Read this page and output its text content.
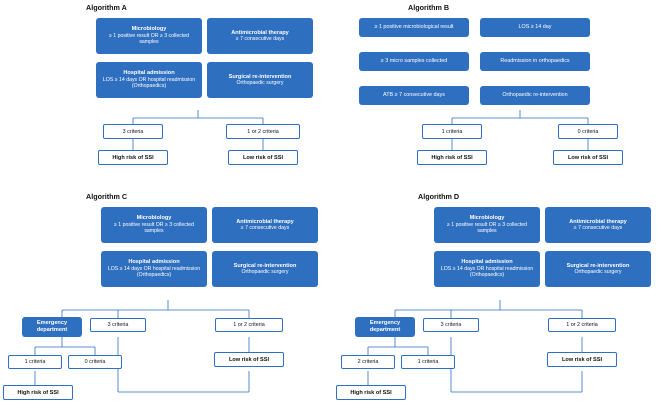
Algorithm A
Microbiology
≥ 1 positive result OR ≥ 3 collected samples
Antimicrobial therapy
≥ 7 consecutive days
Hospital admission
LOS ≥ 14 days OR hospital readmission (Orthopaedics)
Surgical re-intervention
Orthopaedic surgery
3 criteria	1 or 2 criteria
High risk of SSI	Low risk of SSI
Algorithm B
≥ 1 positive microbiological result	LOS ≥ 14 day
≥ 3 micro samples collected	Readmission in orthopaedics
ATB ≥ 7 consecutive days	Orthopaedic re-intervention
1 criteria	0 criteria
High risk of SSI	Low risk of SSI
Algorithm C
Microbiology
≥ 1 positive result OR ≥ 3 collected samples
Antimicrobial therapy
≥ 7 consecutive days
Hospital admission
LOS ≥ 14 days OR hospital readmission (Orthopaedics)
Surgical re-intervention
Orthopaedic surgery
Emergency department
3 criteria	1 or 2 criteria
1 criteria	0 criteria	Low risk of SSI
High risk of SSI
Algorithm D
Microbiology
≥ 1 positive result OR ≥ 3 collected samples
Antimicrobial therapy
≥ 7 consecutive days
Hospital admission
LOS ≥ 14 days OR hospital readmission (Orthopaedics)
Surgical re-intervention
Orthopaedic surgery
Emergency department
3 criteria	1 or 2 criteria
2 criteria	1 criteria	Low risk of SSI
High risk of SSI
